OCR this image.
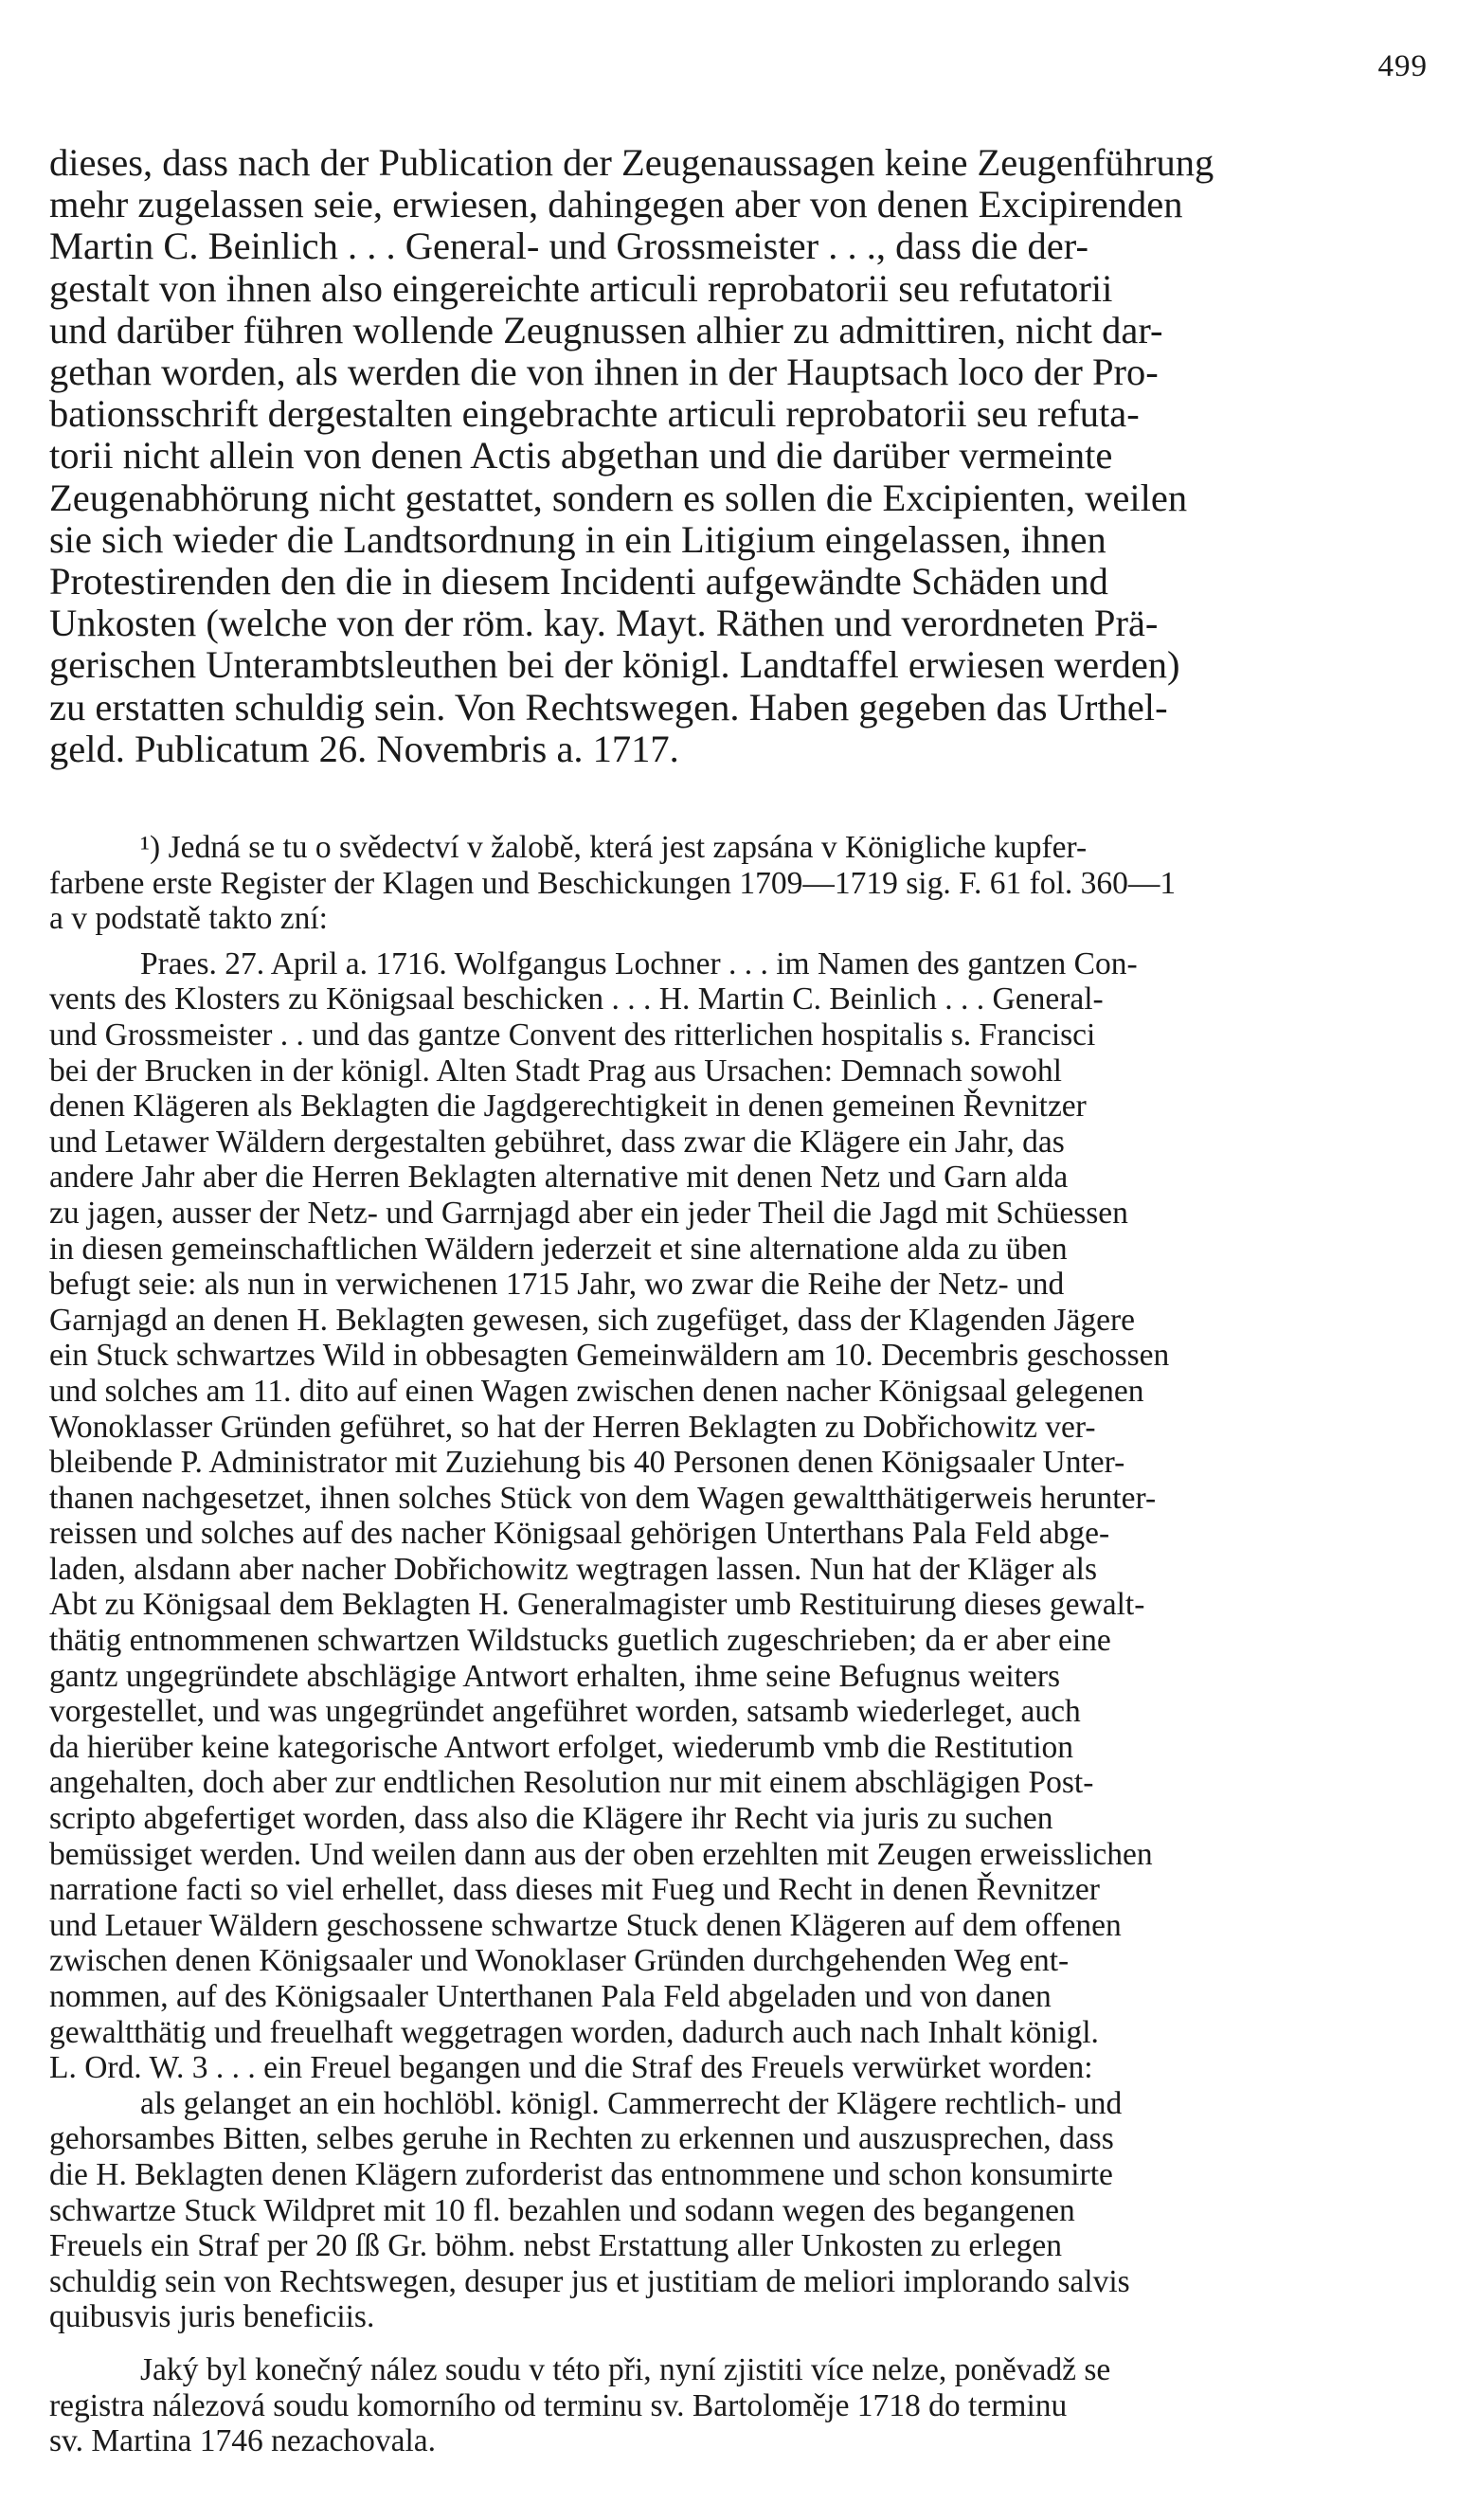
499
dieses, dass nach der Publication der Zeugenaussagen keine Zeugenführung
mehr zugelassen seie, erwiesen, dahingegen aber von denen Excipirenden
Martin C. Beinlich . . . General- und Grossmeister . . ., dass die der-
gestalt von ihnen also eingereichte articuli reprobatorii seu refutatorii
und darüber führen wollende Zeugnussen alhier zu admittiren, nicht dar-
gethan worden, als werden die von ihnen in der Hauptsach loco der Pro-
bationsschrift dergestalten eingebrachte articuli reprobatorii seu refuta-
torii nicht allein von denen Actis abgethan und die darüber vermeinte
Zeugenabhörung nicht gestattet, sondern es sollen die Excipienten, weilen
sie sich wieder die Landtsordnung in ein Litigium eingelassen, ihnen
Protestirenden den die in diesem Incidenti aufgewändte Schäden und
Unkosten (welche von der röm. kay. Mayt. Räthen und verordneten Prä-
gerischen Unterambtsleuthen bei der königl. Landtaffel erwiesen werden)
zu erstatten schuldig sein. Von Rechtswegen. Haben gegeben das Urthel-
geld. Publicatum 26. Novembris a. 1717.
¹) Jedná se tu o svědectví v žalobě, která jest zapsána v Königliche kupfer-
farbene erste Register der Klagen und Beschickungen 1709—1719 sig. F. 61 fol. 360—1
a v podstatě takto zní:
Praes. 27. April a. 1716. Wolfgangus Lochner . . . im Namen des gantzen Con-
vents des Klosters zu Königsaal beschicken . . . H. Martin C. Beinlich . . . General-
und Grossmeister . . und das gantze Convent des ritterlichen hospitalis s. Francisci
bei der Brucken in der königl. Alten Stadt Prag aus Ursachen: Demnach sowohl
denen Klägeren als Beklagten die Jagdgerechtigkeit in denen gemeinen Řevnitzer
und Letawer Wäldern dergestalten gebühret, dass zwar die Klägere ein Jahr, das
andere Jahr aber die Herren Beklagten alternative mit denen Netz und Garn alda
zu jagen, ausser der Netz- und Garrnjagd aber ein jeder Theil die Jagd mit Schüessen
in diesen gemeinschaftlichen Wäldern jederzeit et sine alternatione alda zu üben
befugt seie: als nun in verwichenen 1715 Jahr, wo zwar die Reihe der Netz- und
Garnjagd an denen H. Beklagten gewesen, sich zugefüget, dass der Klagenden Jägere
ein Stuck schwartzes Wild in obbesagten Gemeinwäldern am 10. Decembris geschossen
und solches am 11. dito auf einen Wagen zwischen denen nacher Königsaal gelegenen
Wonoklasser Gründen geführet, so hat der Herren Beklagten zu Dobřichowitz ver-
bleibende P. Administrator mit Zuziehung bis 40 Personen denen Königsaaler Unter-
thanen nachgesetzet, ihnen solches Stück von dem Wagen gewaltthätigerweis herunter-
reissen und solches auf des nacher Königsaal gehörigen Unterthans Pala Feld abge-
laden, alsdann aber nacher Dobřichowitz wegtragen lassen. Nun hat der Kläger als
Abt zu Königsaal dem Beklagten H. Generalmagister umb Restituirung dieses gewalt-
thätig entnommenen schwartzen Wildstucks guetlich zugeschrieben; da er aber eine
gantz ungegründete abschlägige Antwort erhalten, ihme seine Befugnus weiters
vorgestellet, und was ungegründet angeführet worden, satsamb wiederleget, auch
da hierüber keine kategorische Antwort erfolget, wiederumb vmb die Restitution
angehalten, doch aber zur endtlichen Resolution nur mit einem abschlägigen Post-
scripto abgefertiget worden, dass also die Klägere ihr Recht via juris zu suchen
bemüssiget werden. Und weilen dann aus der oben erzehlten mit Zeugen erweisslichen
narratione facti so viel erhellet, dass dieses mit Fueg und Recht in denen Řevnitzer
und Letauer Wäldern geschossene schwartze Stuck denen Klägeren auf dem offenen
zwischen denen Königsaaler und Wonoklaser Gründen durchgehenden Weg ent-
nommen, auf des Königsaaler Unterthanen Pala Feld abgeladen und von danen
gewaltthätig und freuelhaft weggetragen worden, dadurch auch nach Inhalt königl.
L. Ord. W. 3 . . . ein Freuel begangen und die Straf des Freuels verwürket worden:
als gelanget an ein hochlöbl. königl. Cammerrecht der Klägere rechtlich- und
gehorsambes Bitten, selbes geruhe in Rechten zu erkennen und auszusprechen, dass
die H. Beklagten denen Klägern zuforderist das entnommene und schon konsumirte
schwartze Stuck Wildpret mit 10 fl. bezahlen und sodann wegen des begangenen
Freuels ein Straf per 20 ſß Gr. böhm. nebst Erstattung aller Unkosten zu erlegen
schuldig sein von Rechtswegen, desuper jus et justitiam de meliori implorando salvis
quibusvis juris beneficiis.
Jaký byl konečný nález soudu v této při, nyní zjistiti více nelze, poněvadž se
registra nálezová soudu komorního od terminu sv. Bartoloměje 1718 do terminu
sv. Martina 1746 nezachovala.
